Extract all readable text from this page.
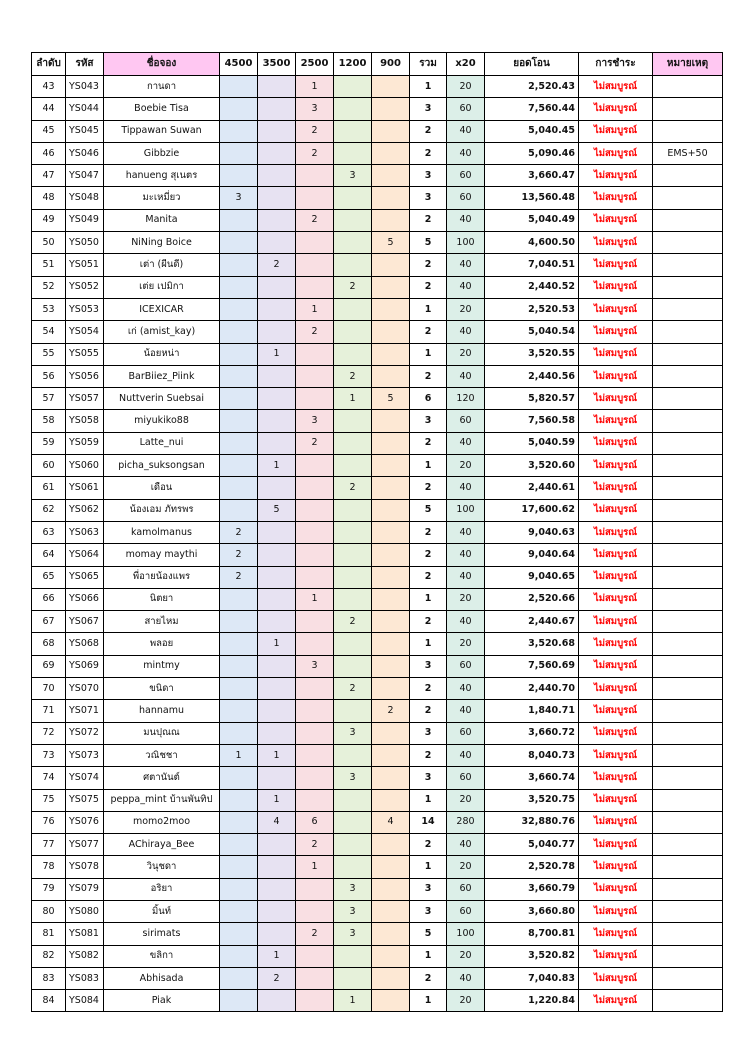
ลำดับ	รหัส	ชื่อจอง	4500	3500	2500	1200	900	รวม	x20	ยอดโอน	การชำระ	หมายเหตุ
43	YS043	กานดา			1			1	20	2,520.43	ไม่สมบูรณ์	
44	YS044	Boebie Tisa			3			3	60	7,560.44	ไม่สมบูรณ์	
45	YS045	Tippawan Suwan			2			2	40	5,040.45	ไม่สมบูรณ์	
46	YS046	Gibbzie			2			2	40	5,090.46	ไม่สมบูรณ์	EMS+50
47	YS047	hanueng สุเนตร				3		3	60	3,660.47	ไม่สมบูรณ์	
48	YS048	มะเหมี่ยว	3					3	60	13,560.48	ไม่สมบูรณ์	
49	YS049	Manita			2			2	40	5,040.49	ไม่สมบูรณ์	
50	YS050	NiNing Boice					5	5	100	4,600.50	ไม่สมบูรณ์	
51	YS051	เต่า (ผีนดี)		2				2	40	7,040.51	ไม่สมบูรณ์	
52	YS052	เต่ย เปมิกา				2		2	40	2,440.52	ไม่สมบูรณ์	
53	YS053	ICEXICAR			1			1	20	2,520.53	ไม่สมบูรณ์	
54	YS054	เก่ (amist_kay)			2			2	40	5,040.54	ไม่สมบูรณ์	
55	YS055	น้อยหน่า		1				1	20	3,520.55	ไม่สมบูรณ์	
56	YS056	BarBiiez_Piink				2		2	40	2,440.56	ไม่สมบูรณ์	
57	YS057	Nuttverin Suebsai				1	5	6	120	5,820.57	ไม่สมบูรณ์	
58	YS058	miyukiko88			3			3	60	7,560.58	ไม่สมบูรณ์	
59	YS059	Latte_nui			2			2	40	5,040.59	ไม่สมบูรณ์	
60	YS060	picha_suksongsan		1				1	20	3,520.60	ไม่สมบูรณ์	
61	YS061	เดือน				2		2	40	2,440.61	ไม่สมบูรณ์	
62	YS062	น้องเอม ภัทรพร		5				5	100	17,600.62	ไม่สมบูรณ์	
63	YS063	kamolmanus	2					2	40	9,040.63	ไม่สมบูรณ์	
64	YS064	momay maythi	2					2	40	9,040.64	ไม่สมบูรณ์	
65	YS065	พี่อายน้องแพร	2					2	40	9,040.65	ไม่สมบูรณ์	
66	YS066	นิตยา			1			1	20	2,520.66	ไม่สมบูรณ์	
67	YS067	สายไหม				2		2	40	2,440.67	ไม่สมบูรณ์	
68	YS068	พลอย		1				1	20	3,520.68	ไม่สมบูรณ์	
69	YS069	mintmy			3			3	60	7,560.69	ไม่สมบูรณ์	
70	YS070	ขนิดา				2		2	40	2,440.70	ไม่สมบูรณ์	
71	YS071	hannamu					2	2	40	1,840.71	ไม่สมบูรณ์	
72	YS072	มนปุณณ				3		3	60	3,660.72	ไม่สมบูรณ์	
73	YS073	วณิชชา	1	1				2	40	8,040.73	ไม่สมบูรณ์	
74	YS074	ศตานันต์				3		3	60	3,660.74	ไม่สมบูรณ์	
75	YS075	peppa_mint บ้านพันทิป		1				1	20	3,520.75	ไม่สมบูรณ์	
76	YS076	momo2moo		4	6		4	14	280	32,880.76	ไม่สมบูรณ์	
77	YS077	AChiraya_Bee			2			2	40	5,040.77	ไม่สมบูรณ์	
78	YS078	วินุชดา			1			1	20	2,520.78	ไม่สมบูรณ์	
79	YS079	อริยา				3		3	60	3,660.79	ไม่สมบูรณ์	
80	YS080	มิ้นท์				3		3	60	3,660.80	ไม่สมบูรณ์	
81	YS081	sirimats			2	3		5	100	8,700.81	ไม่สมบูรณ์	
82	YS082	ขลิกา		1				1	20	3,520.82	ไม่สมบูรณ์	
83	YS083	Abhisada		2				2	40	7,040.83	ไม่สมบูรณ์	
84	YS084	Piak				1		1	20	1,220.84	ไม่สมบูรณ์	
